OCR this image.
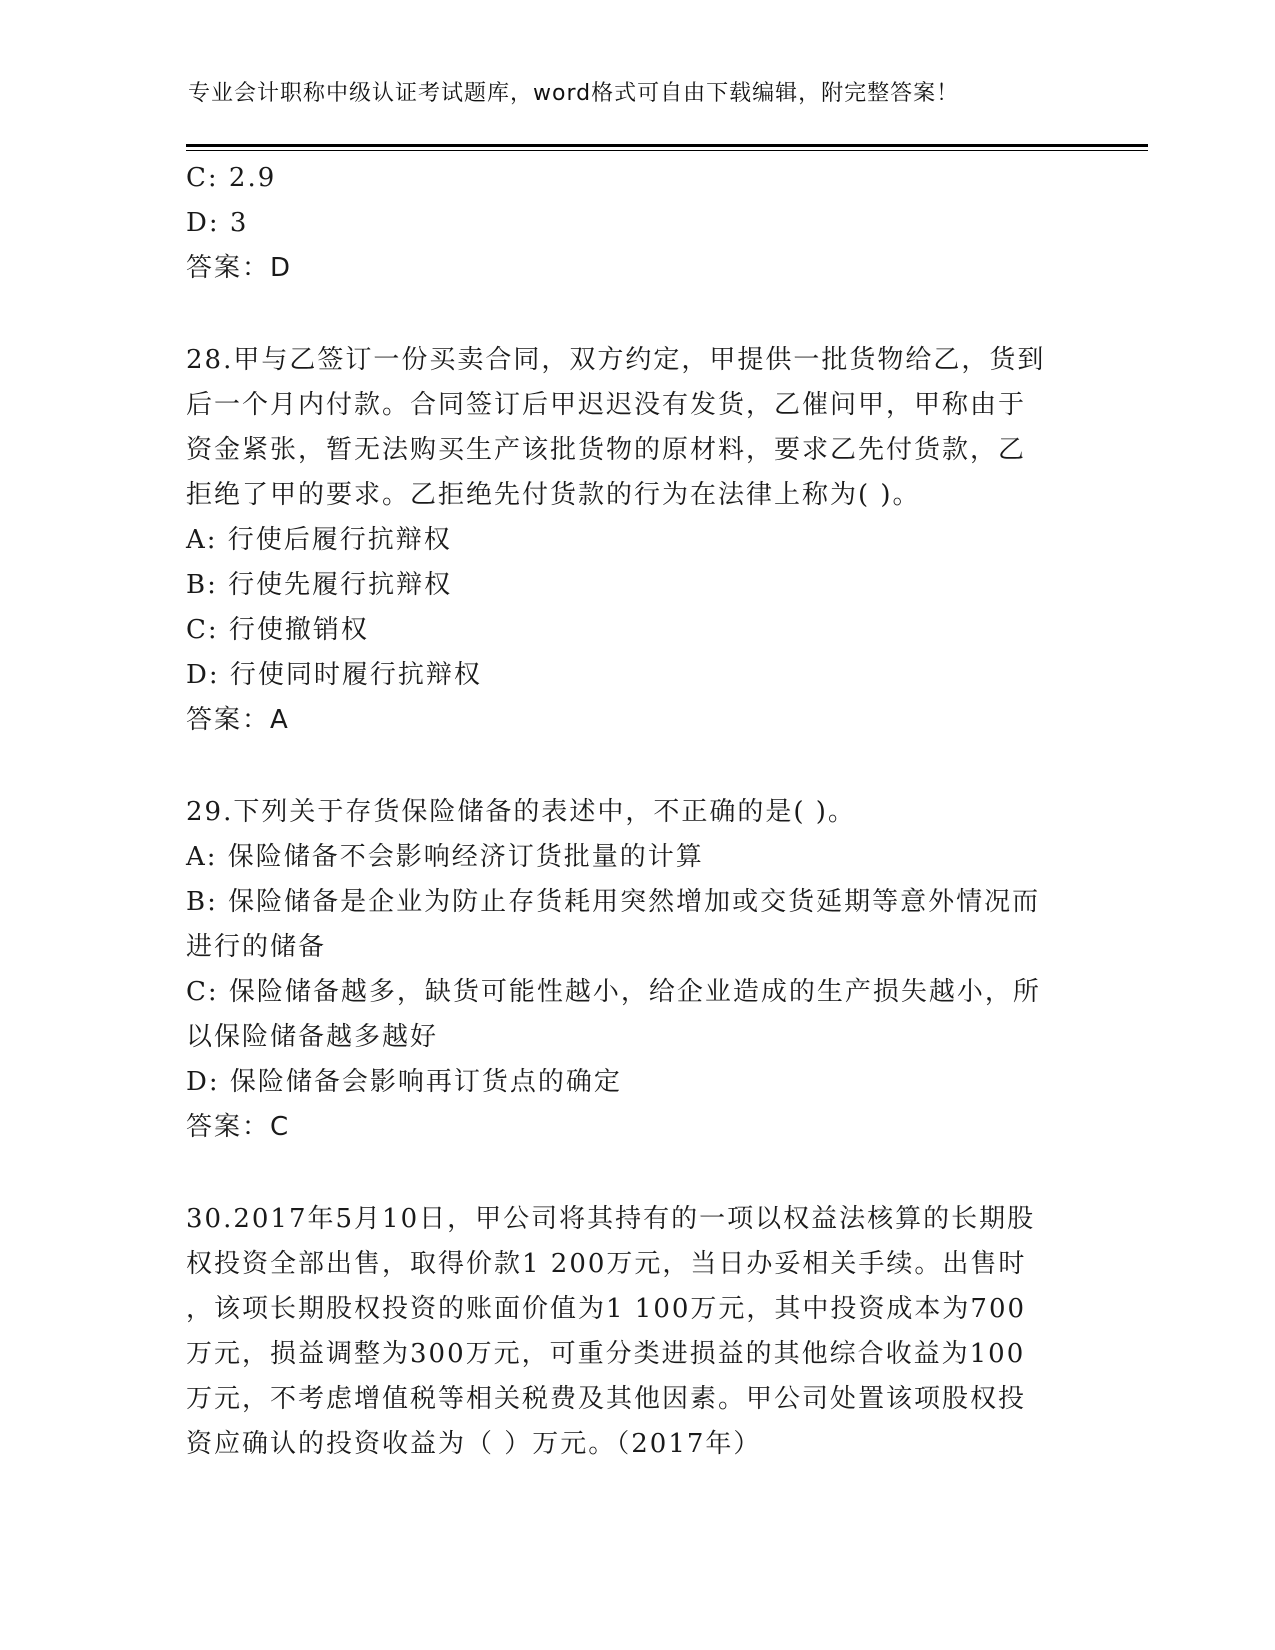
专业会计职称中级认证考试题库，word格式可自由下载编辑，附完整答案！
C: 2.9
D: 3
答案：D
28.甲与乙签订一份买卖合同，双方约定，甲提供一批货物给乙，货到
后一个月内付款。合同签订后甲迟迟没有发货，乙催问甲，甲称由于
资金紧张，暂无法购买生产该批货物的原材料，要求乙先付货款，乙
拒绝了甲的要求。乙拒绝先付货款的行为在法律上称为( )。
A: 行使后履行抗辩权
B: 行使先履行抗辩权
C: 行使撤销权
D: 行使同时履行抗辩权
答案：A
29.下列关于存货保险储备的表述中，不正确的是( )。
A: 保险储备不会影响经济订货批量的计算
B: 保险储备是企业为防止存货耗用突然增加或交货延期等意外情况而
进行的储备
C: 保险储备越多，缺货可能性越小，给企业造成的生产损失越小，所
以保险储备越多越好
D: 保险储备会影响再订货点的确定
答案：C
30.2017年5月10日，甲公司将其持有的一项以权益法核算的长期股
权投资全部出售，取得价款1 200万元，当日办妥相关手续。出售时
，该项长期股权投资的账面价值为1 100万元，其中投资成本为700
万元，损益调整为300万元，可重分类进损益的其他综合收益为100
万元，不考虑增值税等相关税费及其他因素。甲公司处置该项股权投
资应确认的投资收益为（ ）万元。（2017年）
